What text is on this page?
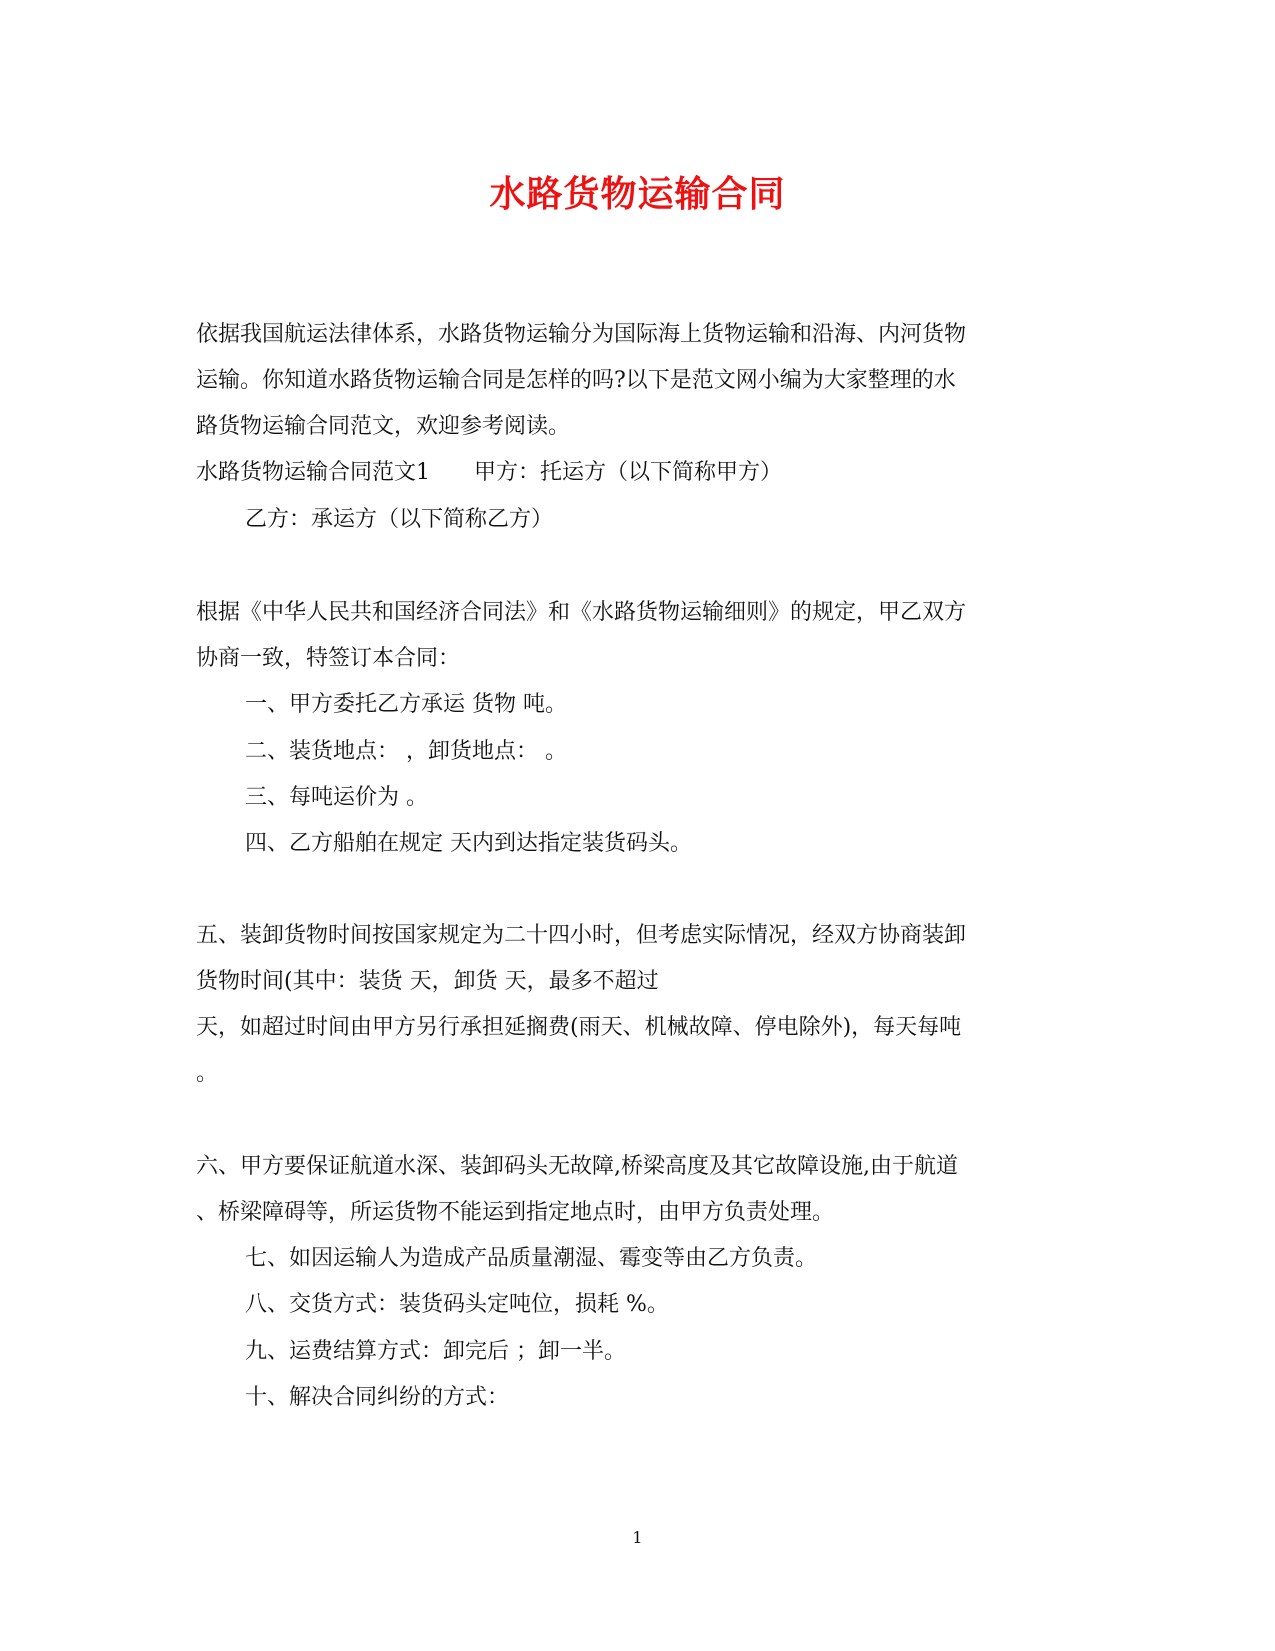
水路货物运输合同
依据我国航运法律体系，水路货物运输分为国际海上货物运输和沿海、内河货物
运输。你知道水路货物运输合同是怎样的吗?以下是范文网小编为大家整理的水
路货物运输合同范文，欢迎参考阅读。
水路货物运输合同范文1　　甲方：托运方（以下简称甲方）
乙方：承运方（以下简称乙方）
根据《中华人民共和国经济合同法》和《水路货物运输细则》的规定，甲乙双方
协商一致，特签订本合同：
一、甲方委托乙方承运 货物 吨。
二、装货地点： ，卸货地点： 。
三、每吨运价为 。
四、乙方船舶在规定 天内到达指定装货码头。
五、装卸货物时间按国家规定为二十四小时，但考虑实际情况，经双方协商装卸
货物时间(其中：装货 天，卸货 天，最多不超过
天，如超过时间由甲方另行承担延搁费(雨天、机械故障、停电除外)，每天每吨
。
六、甲方要保证航道水深、装卸码头无故障,桥梁高度及其它故障设施,由于航道
、桥梁障碍等，所运货物不能运到指定地点时，由甲方负责处理。
七、如因运输人为造成产品质量潮湿、霉变等由乙方负责。
八、交货方式：装货码头定吨位，损耗 %。
九、运费结算方式：卸完后 ；卸一半。
十、解决合同纠纷的方式：
1
